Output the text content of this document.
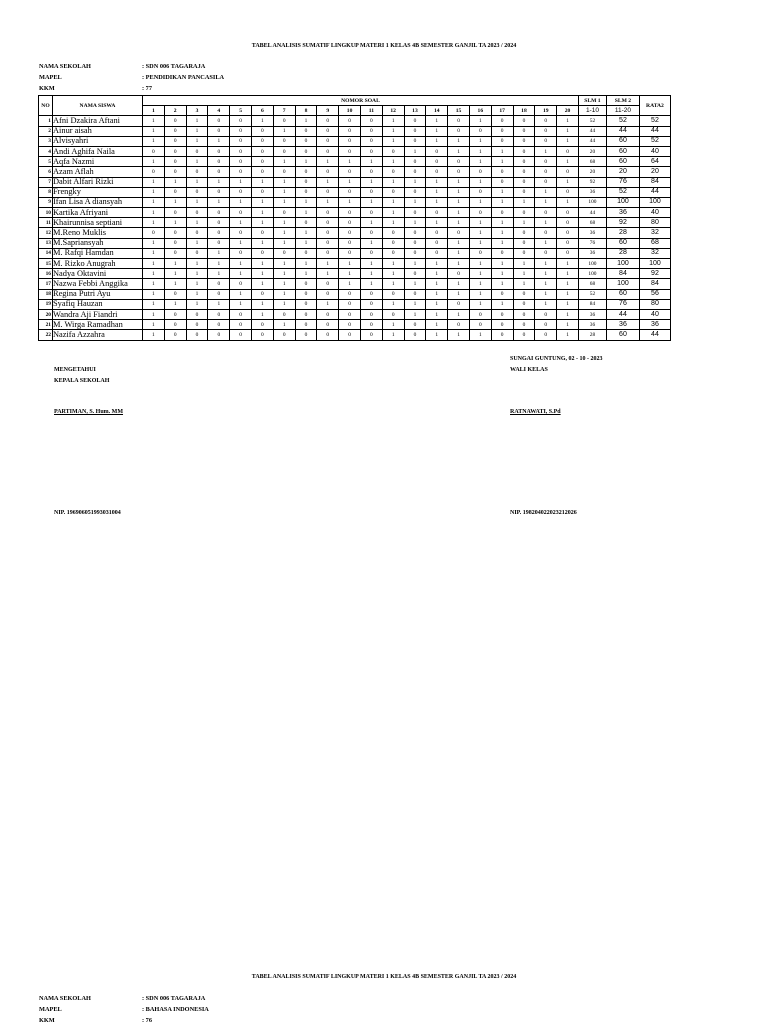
TABEL ANALISIS SUMATIF LINGKUP MATERI 1 KELAS 4B SEMESTER GANJIL TA 2023 / 2024
NAMA SEKOLAH	: SDN 006 TAGARAJA
MAPEL	: PENDIDIKAN PANCASILA
KKM	: 77
NO	NAMA SISWA	NOMOR SOAL																				SLM 1	SLM 2	RATA2
		1	2	3	4	5	6	7	8	9	10	11	12	13	14	15	16	17	18	19	20	1-10	11-20	
1	Afni Dzakira Aftani	1	0	1	0	0	1	0	1	0	0	0	1	0	1	0	1	0	0	0	1	52	52	52
2	Ainur aisah	1	0	1	0	0	0	1	0	0	0	0	1	0	1	0	0	0	0	0	1	44	44	44
3	Alvisyahri	1	0	1	1	0	0	0	0	0	0	0	1	0	1	1	1	0	0	0	1	44	60	52
4	Andi Aghifa Naila	0	0	0	0	0	0	0	0	0	0	0	0	1	0	1	1	1	0	1	0	20	60	40
5	Aqfa Nazmi	1	0	1	0	0	0	1	1	1	1	1	1	0	0	0	1	1	0	0	1	68	60	64
6	Azam Aflah	0	0	0	0	0	0	0	0	0	0	0	0	0	0	0	0	0	0	0	0	20	20	20
7	Dabit Alfari Rizki	1	1	1	1	1	1	1	0	1	1	1	1	1	1	1	1	0	0	0	1	92	76	84
8	Frengky	1	0	0	0	0	0	1	0	0	0	0	0	0	1	1	0	1	0	1	0	36	52	44
9	Ifan Lisa A diansyah	1	1	1	1	1	1	1	1	1	1	1	1	1	1	1	1	1	1	1	1	100	100	100
10	Kartika Afriyani	1	0	0	0	0	1	0	1	0	0	0	1	0	0	1	0	0	0	0	0	44	36	40
11	Khairunnisa septiani	1	1	1	0	1	1	1	0	0	0	1	1	1	1	1	1	1	1	1	0	68	92	80
12	M.Reno Muklis	0	0	0	0	0	0	1	1	0	0	0	0	0	0	0	1	1	0	0	0	36	28	32
13	M.Sapriansyah	1	0	1	0	1	1	1	1	0	0	1	0	0	0	1	1	1	0	1	0	76	60	68
14	M. Rafqi Hamdan	1	0	0	1	0	0	0	0	0	0	0	0	0	0	1	0	0	0	0	0	36	28	32
15	M. Rizko Anugrah	1	1	1	1	1	1	1	1	1	1	1	1	1	1	1	1	1	1	1	1	100	100	100
16	Nadya Oktavini	1	1	1	1	1	1	1	1	1	1	1	1	0	1	0	1	1	1	1	1	100	84	92
17	Nazwa Febbi Anggika	1	1	1	0	0	1	1	0	0	1	1	1	1	1	1	1	1	1	1	1	68	100	84
18	Regina Putri Ayu	1	0	1	0	1	0	1	0	0	0	0	0	0	1	1	1	0	0	1	1	52	60	56
19	Syafiq Hauzan	1	1	1	1	1	1	1	0	1	0	0	1	1	1	0	1	1	0	1	1	84	76	80
20	Wandra Aji Fiandri	1	0	0	0	0	1	0	0	0	0	0	0	1	1	1	0	0	0	0	1	36	44	40
21	M. Wirga Ramadhan	1	0	0	0	0	0	1	0	0	0	0	1	0	1	0	0	0	0	0	1	36	36	36
22	Nazifa Azzahra	1	0	0	0	0	0	0	0	0	0	0	1	0	1	1	1	0	0	0	1	28	60	44
SUNGAI GUNTUNG, 02 - 10 - 2023
MENGETAHUI	WALI KELAS
KEPALA SEKOLAH
PARTIMAN, S. Hum. MM	RATNAWATI, S.Pd
NIP. 196906051993031004	NIP. 198204022023212026
TABEL ANALISIS SUMATIF LINGKUP MATERI 1 KELAS 4B SEMESTER GANJIL TA 2023 / 2024
NAMA SEKOLAH	: SDN 006 TAGARAJA
MAPEL	: BAHASA INDONESIA
KKM	: 76
